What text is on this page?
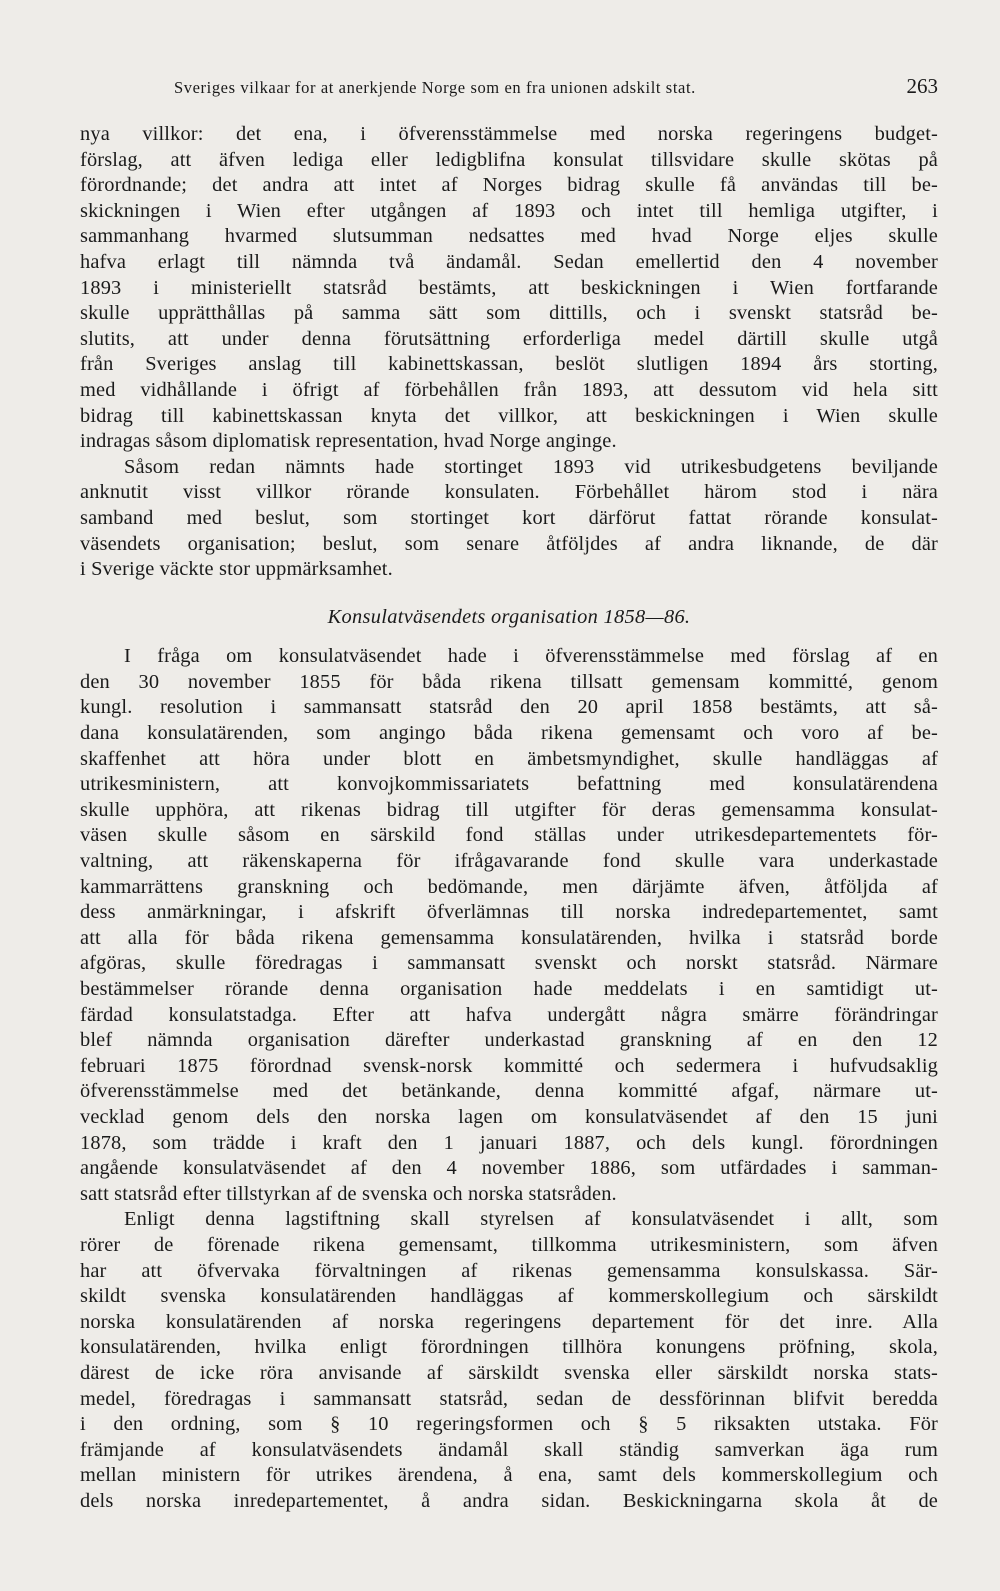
Sveriges vilkaar for at anerkjende Norge som en fra unionen adskilt stat.	263
nya villkor: det ena, i öfverensstämmelse med norska regeringens budget-
förslag, att äfven lediga eller ledigblifna konsulat tillsvidare skulle skötas på
förordnande; det andra att intet af Norges bidrag skulle få användas till be-
skickningen i Wien efter utgången af 1893 och intet till hemliga utgifter, i
sammanhang hvarmed slutsumman nedsattes med hvad Norge eljes skulle
hafva erlagt till nämnda två ändamål. Sedan emellertid den 4 november
1893 i ministeriellt statsråd bestämts, att beskickningen i Wien fortfarande
skulle upprätthållas på samma sätt som dittills, och i svenskt statsråd be-
slutits, att under denna förutsättning erforderliga medel därtill skulle utgå
från Sveriges anslag till kabinettskassan, beslöt slutligen 1894 års storting,
med vidhållande i öfrigt af förbehållen från 1893, att dessutom vid hela sitt
bidrag till kabinettskassan knyta det villkor, att beskickningen i Wien skulle
indragas såsom diplomatisk representation, hvad Norge anginge.
Såsom redan nämnts hade stortinget 1893 vid utrikesbudgetens beviljande
anknutit visst villkor rörande konsulaten. Förbehållet härom stod i nära
samband med beslut, som stortinget kort därförut fattat rörande konsulat-
väsendets organisation; beslut, som senare åtföljdes af andra liknande, de där
i Sverige väckte stor uppmärksamhet.
Konsulatväsendets organisation 1858—86.
I fråga om konsulatväsendet hade i öfverensstämmelse med förslag af en
den 30 november 1855 för båda rikena tillsatt gemensam kommitté, genom
kungl. resolution i sammansatt statsråd den 20 april 1858 bestämts, att så-
dana konsulatärenden, som angingo båda rikena gemensamt och voro af be-
skaffenhet att höra under blott en ämbetsmyndighet, skulle handläggas af
utrikesministern, att konvojkommissariatets befattning med konsulatärendena
skulle upphöra, att rikenas bidrag till utgifter för deras gemensamma konsulat-
väsen skulle såsom en särskild fond ställas under utrikesdepartementets för-
valtning, att räkenskaperna för ifrågavarande fond skulle vara underkastade
kammarrättens granskning och bedömande, men därjämte äfven, åtföljda af
dess anmärkningar, i afskrift öfverlämnas till norska indredepartementet, samt
att alla för båda rikena gemensamma konsulatärenden, hvilka i statsråd borde
afgöras, skulle föredragas i sammansatt svenskt och norskt statsråd. Närmare
bestämmelser rörande denna organisation hade meddelats i en samtidigt ut-
färdad konsulatstadga. Efter att hafva undergått några smärre förändringar
blef nämnda organisation därefter underkastad granskning af en den 12
februari 1875 förordnad svensk-norsk kommitté och sedermera i hufvudsaklig
öfverensstämmelse med det betänkande, denna kommitté afgaf, närmare ut-
vecklad genom dels den norska lagen om konsulatväsendet af den 15 juni
1878, som trädde i kraft den 1 januari 1887, och dels kungl. förordningen
angående konsulatväsendet af den 4 november 1886, som utfärdades i samman-
satt statsråd efter tillstyrkan af de svenska och norska statsråden.
Enligt denna lagstiftning skall styrelsen af konsulatväsendet i allt, som
rörer de förenade rikena gemensamt, tillkomma utrikesministern, som äfven
har att öfvervaka förvaltningen af rikenas gemensamma konsulskassa. Sär-
skildt svenska konsulatärenden handläggas af kommerskollegium och särskildt
norska konsulatärenden af norska regeringens departement för det inre. Alla
konsulatärenden, hvilka enligt förordningen tillhöra konungens pröfning, skola,
därest de icke röra anvisande af särskildt svenska eller särskildt norska stats-
medel, föredragas i sammansatt statsråd, sedan de dessförinnan blifvit beredda
i den ordning, som § 10 regeringsformen och § 5 riksakten utstaka. För
främjande af konsulatväsendets ändamål skall ständig samverkan äga rum
mellan ministern för utrikes ärendena, å ena, samt dels kommerskollegium och
dels norska inredepartementet, å andra sidan. Beskickningarna skola åt de
